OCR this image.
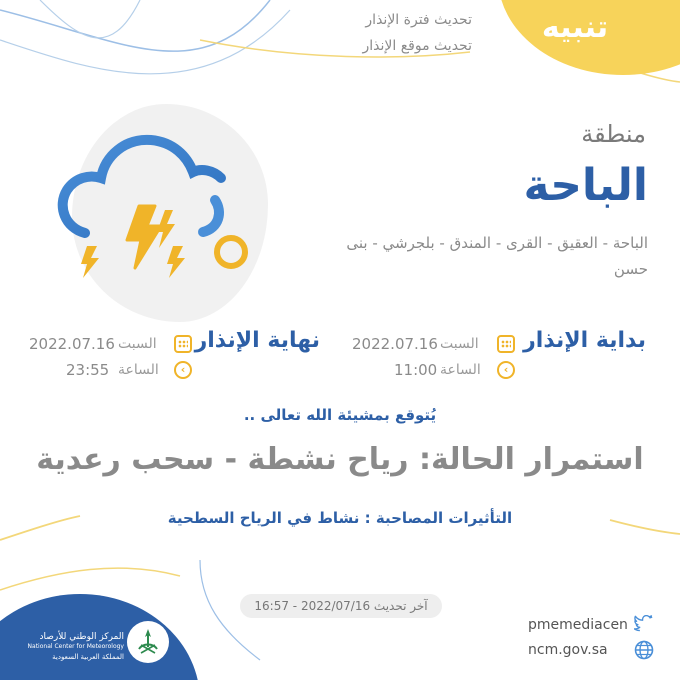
تنبيه
تحديث فترة الإنذار
تحديث موقع الإنذار
منطقة
الباحة
الباحة - العقيق - القرى - المندق - بلجرشي - بنى حسن
بداية الإنذار
السبت
2022.07.16
‹
الساعة
11:00
نهاية الإنذار
السبت
2022.07.16
‹
الساعة
23:55
يُتوقع بمشيئة الله تعالى ..
استمرار الحالة: رياح نشطة - سحب رعدية
التأثيرات المصاحبة : نشاط في الرياح السطحية
آخر تحديث 2022/07/16 - 16:57
المركز الوطني للأرصاد
National Center for Meteorology
المملكة العربية السعودية
pmemediacen
ncm.gov.sa
